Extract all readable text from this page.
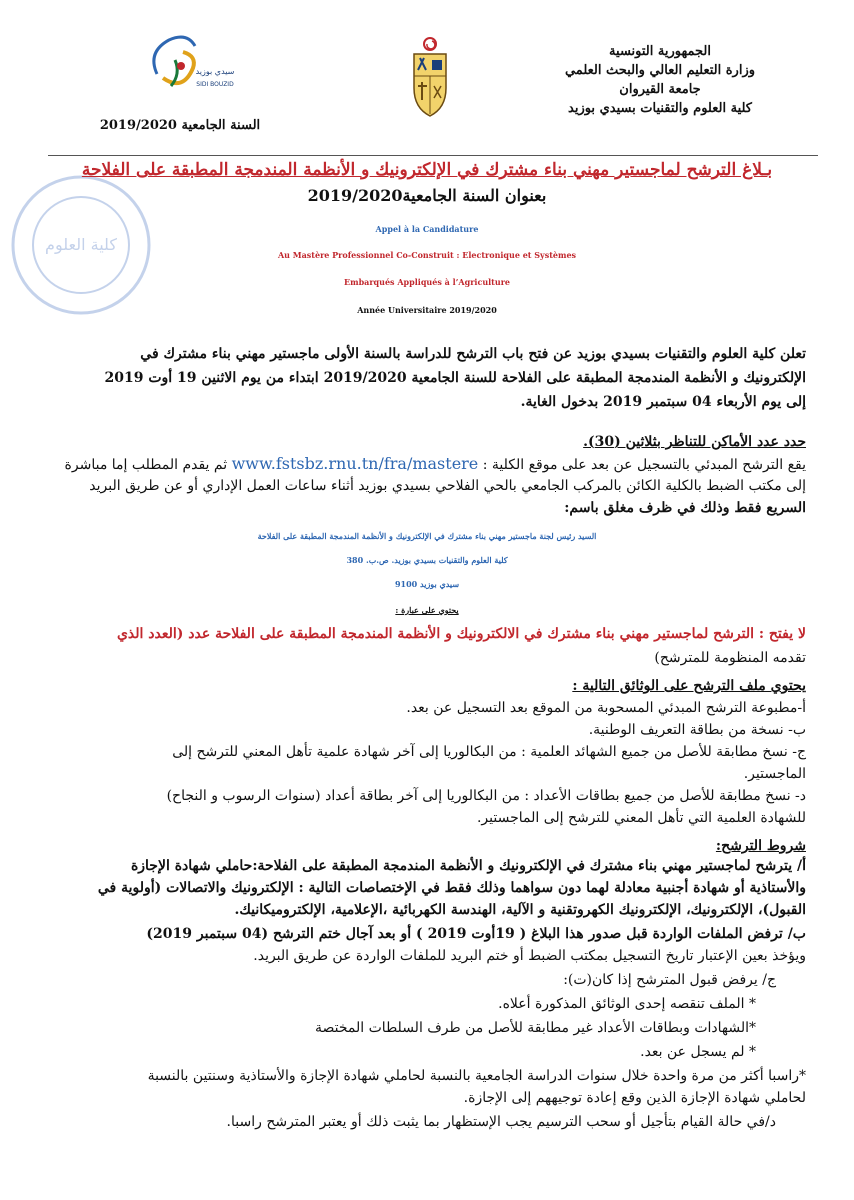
الجمهورية التونسية
وزارة التعليم العالي والبحث العلمي
جامعة القيروان
كلية العلوم والتقنيات بسيدي بوزيد
سيدي بوزيد
SIDI BOUZID
السنة الجامعية 2019/2020
كلية العلوم
بـلاغ الترشح لماجستير مهني بناء مشترك في الإلكترونيك و الأنظمة المندمجة المطبقة على الفلاحة
بعنوان السنة الجامعية2019/2020
Appel à la Candidature
Au Mastère Professionnel Co-Construit : Electronique et Systèmes
Embarqués Appliqués à l’Agriculture
Année Universitaire 2019/2020
تعلن كلية العلوم والتقنيات بسيدي بوزيد عن فتح باب الترشح للدراسة بالسنة الأولى ماجستير مهني بناء مشترك في
الإلكترونيك و الأنظمة المندمجة المطبقة على الفلاحة للسنة الجامعية 2019/2020 ابتداء من يوم الاثنين 19 أوت 2019
إلى يوم الأربعاء 04 سبتمبر 2019 بدخول الغاية.
حدد عدد الأماكن للتناظر بثلاثين (30).
يقع الترشح المبدئي بالتسجيل عن بعد على موقع الكلية : www.fstsbz.rnu.tn/fra/mastere ثم يقدم المطلب إما مباشرة
إلى مكتب الضبط بالكلية الكائن بالمركب الجامعي بالحي الفلاحي بسيدي بوزيد أثناء ساعات العمل الإداري أو عن طريق البريد
السريع فقط وذلك في ظرف مغلق باسم:
السيد رئيس لجنة ماجستير مهني بناء مشترك في الإلكترونيك و الأنظمة المندمجة المطبقة على الفلاحة
كلية العلوم والتقنيات بسيدي بوزيد. ص.ب. 380
سيدي بوزيد 9100
يحتوي على عبارة :
لا يفتح : الترشح لماجستير مهني بناء مشترك في الالكترونيك و الأنظمة المندمجة المطبقة على الفلاحة عدد (العدد الذي
تقدمه المنظومة للمترشح)
يحتوي ملف الترشح على الوثائق التالية :
أ-مطبوعة الترشح المبدئي المسحوبة من الموقع بعد التسجيل عن بعد.
ب- نسخة من بطاقة التعريف الوطنية.
ج- نسخ مطابقة للأصل من جميع الشهائد العلمية : من البكالوريا إلى آخر شهادة علمية تأهل المعني للترشح إلى
الماجستير.
د- نسخ مطابقة للأصل من جميع بطاقات الأعداد : من البكالوريا إلى آخر بطاقة أعداد (سنوات الرسوب و النجاح)
للشهادة العلمية التي تأهل المعني للترشح إلى الماجستير.
شروط الترشح:
أ/ يترشح لماجستير مهني بناء مشترك في الإلكترونيك و الأنظمة المندمجة المطبقة على الفلاحة:حاملي شهادة الإجازة
والأستاذية أو شهادة أجنبية معادلة لهما دون سواهما وذلك فقط في الإختصاصات التالية : الإلكترونيك والاتصالات (أولوية في
القبول)، الإلكترونيك، الإلكترونيك الكهروتقنية و الآلية، الهندسة الكهربائية ،الإعلامية، الإلكتروميكانيك.
ب/ ترفض الملفات الواردة قبل صدور هذا البلاغ ( 19أوت 2019 ) أو بعد آجال ختم الترشح (04 سبتمبر 2019)
ويؤخذ بعين الإعتبار تاريخ التسجيل بمكتب الضبط أو ختم البريد للملفات الواردة عن طريق البريد.
ج/ يرفض قبول المترشح إذا كان(ت):
* الملف تنقصه إحدى الوثائق المذكورة أعلاه.
*الشهادات وبطاقات الأعداد غير مطابقة للأصل من طرف السلطات المختصة
* لم يسجل عن بعد.
*راسبا أكثر من مرة واحدة خلال سنوات الدراسة الجامعية بالنسبة لحاملي شهادة الإجازة والأستاذية وسنتين بالنسبة
لحاملي شهادة الإجازة الذين وقع إعادة توجيههم إلى الإجازة.
د/في حالة القيام بتأجيل أو سحب الترسيم يجب الإستظهار بما يثبت ذلك أو يعتبر المترشح راسبا.
